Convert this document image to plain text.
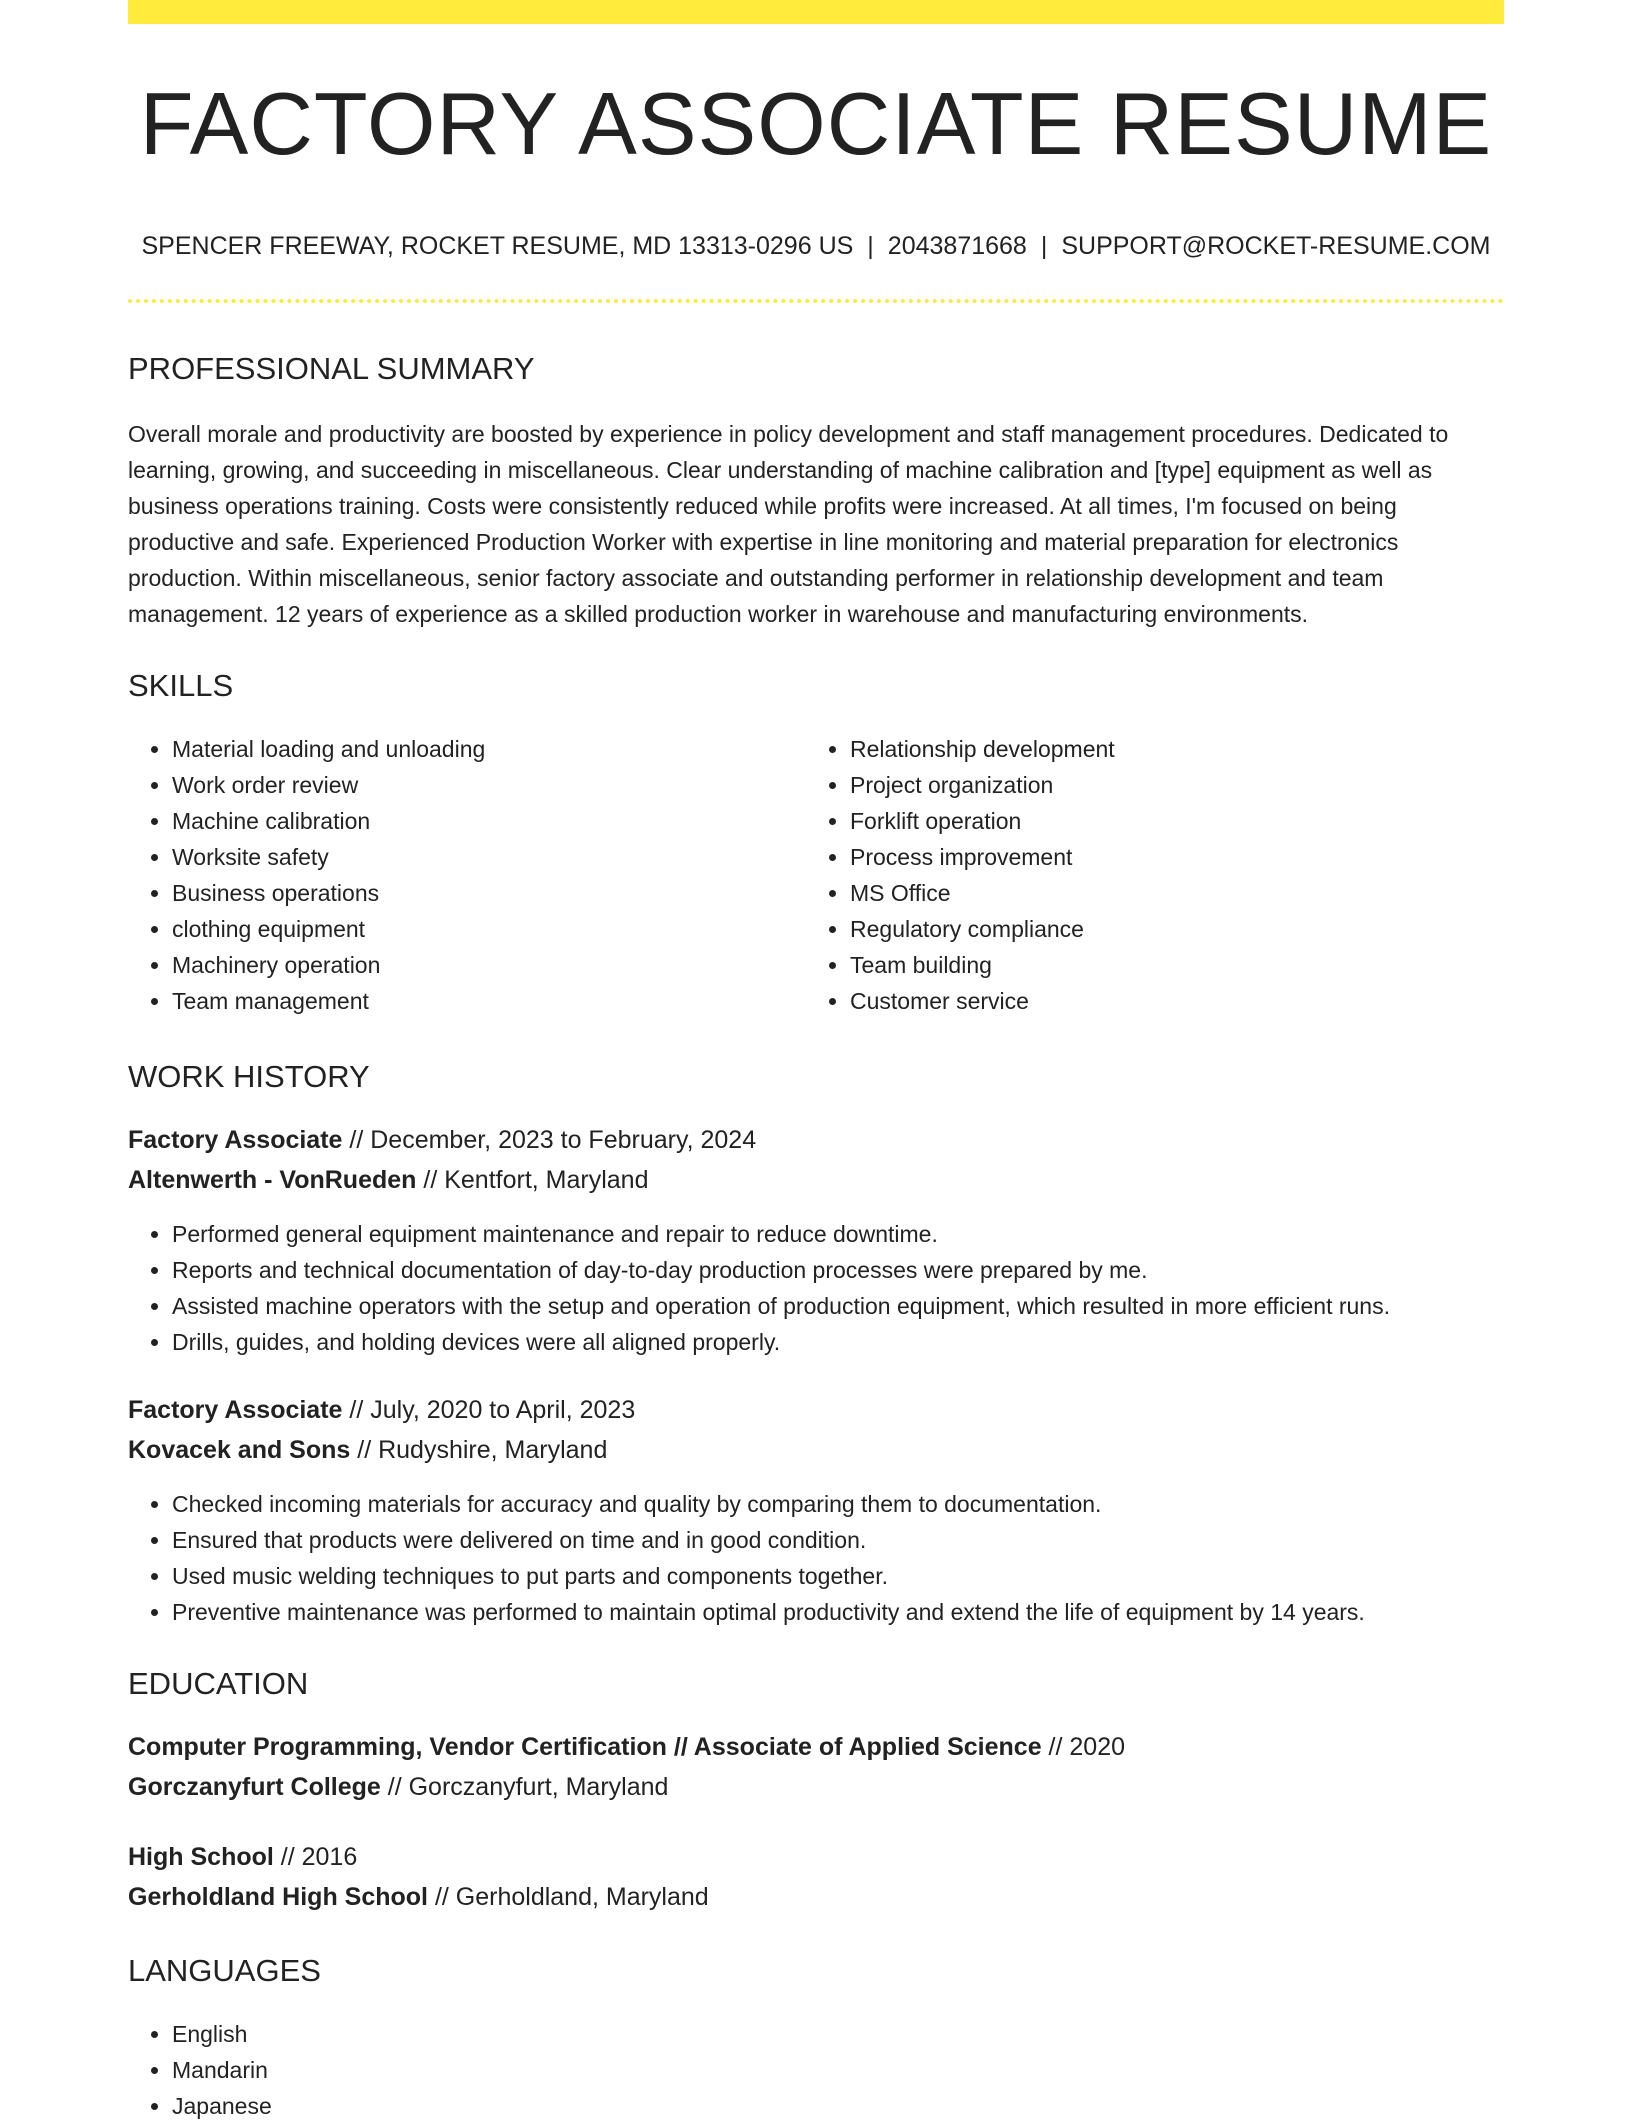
FACTORY ASSOCIATE RESUME
SPENCER FREEWAY, ROCKET RESUME, MD 13313-0296 US | 2043871668 | SUPPORT@ROCKET-RESUME.COM
PROFESSIONAL SUMMARY
Overall morale and productivity are boosted by experience in policy development and staff management procedures. Dedicated to learning, growing, and succeeding in miscellaneous. Clear understanding of machine calibration and [type] equipment as well as business operations training. Costs were consistently reduced while profits were increased. At all times, I'm focused on being productive and safe. Experienced Production Worker with expertise in line monitoring and material preparation for electronics production. Within miscellaneous, senior factory associate and outstanding performer in relationship development and team management. 12 years of experience as a skilled production worker in warehouse and manufacturing environments.
SKILLS
• Material loading and unloading
• Work order review
• Machine calibration
• Worksite safety
• Business operations
• clothing equipment
• Machinery operation
• Team management
• Relationship development
• Project organization
• Forklift operation
• Process improvement
• MS Office
• Regulatory compliance
• Team building
• Customer service
WORK HISTORY
Factory Associate // December, 2023 to February, 2024
Altenwerth - VonRueden // Kentfort, Maryland
• Performed general equipment maintenance and repair to reduce downtime.
• Reports and technical documentation of day-to-day production processes were prepared by me.
• Assisted machine operators with the setup and operation of production equipment, which resulted in more efficient runs.
• Drills, guides, and holding devices were all aligned properly.
Factory Associate // July, 2020 to April, 2023
Kovacek and Sons // Rudyshire, Maryland
• Checked incoming materials for accuracy and quality by comparing them to documentation.
• Ensured that products were delivered on time and in good condition.
• Used music welding techniques to put parts and components together.
• Preventive maintenance was performed to maintain optimal productivity and extend the life of equipment by 14 years.
EDUCATION
Computer Programming, Vendor Certification // Associate of Applied Science // 2020
Gorczanyfurt College // Gorczanyfurt, Maryland
High School // 2016
Gerholdland High School // Gerholdland, Maryland
LANGUAGES
• English
• Mandarin
• Japanese
